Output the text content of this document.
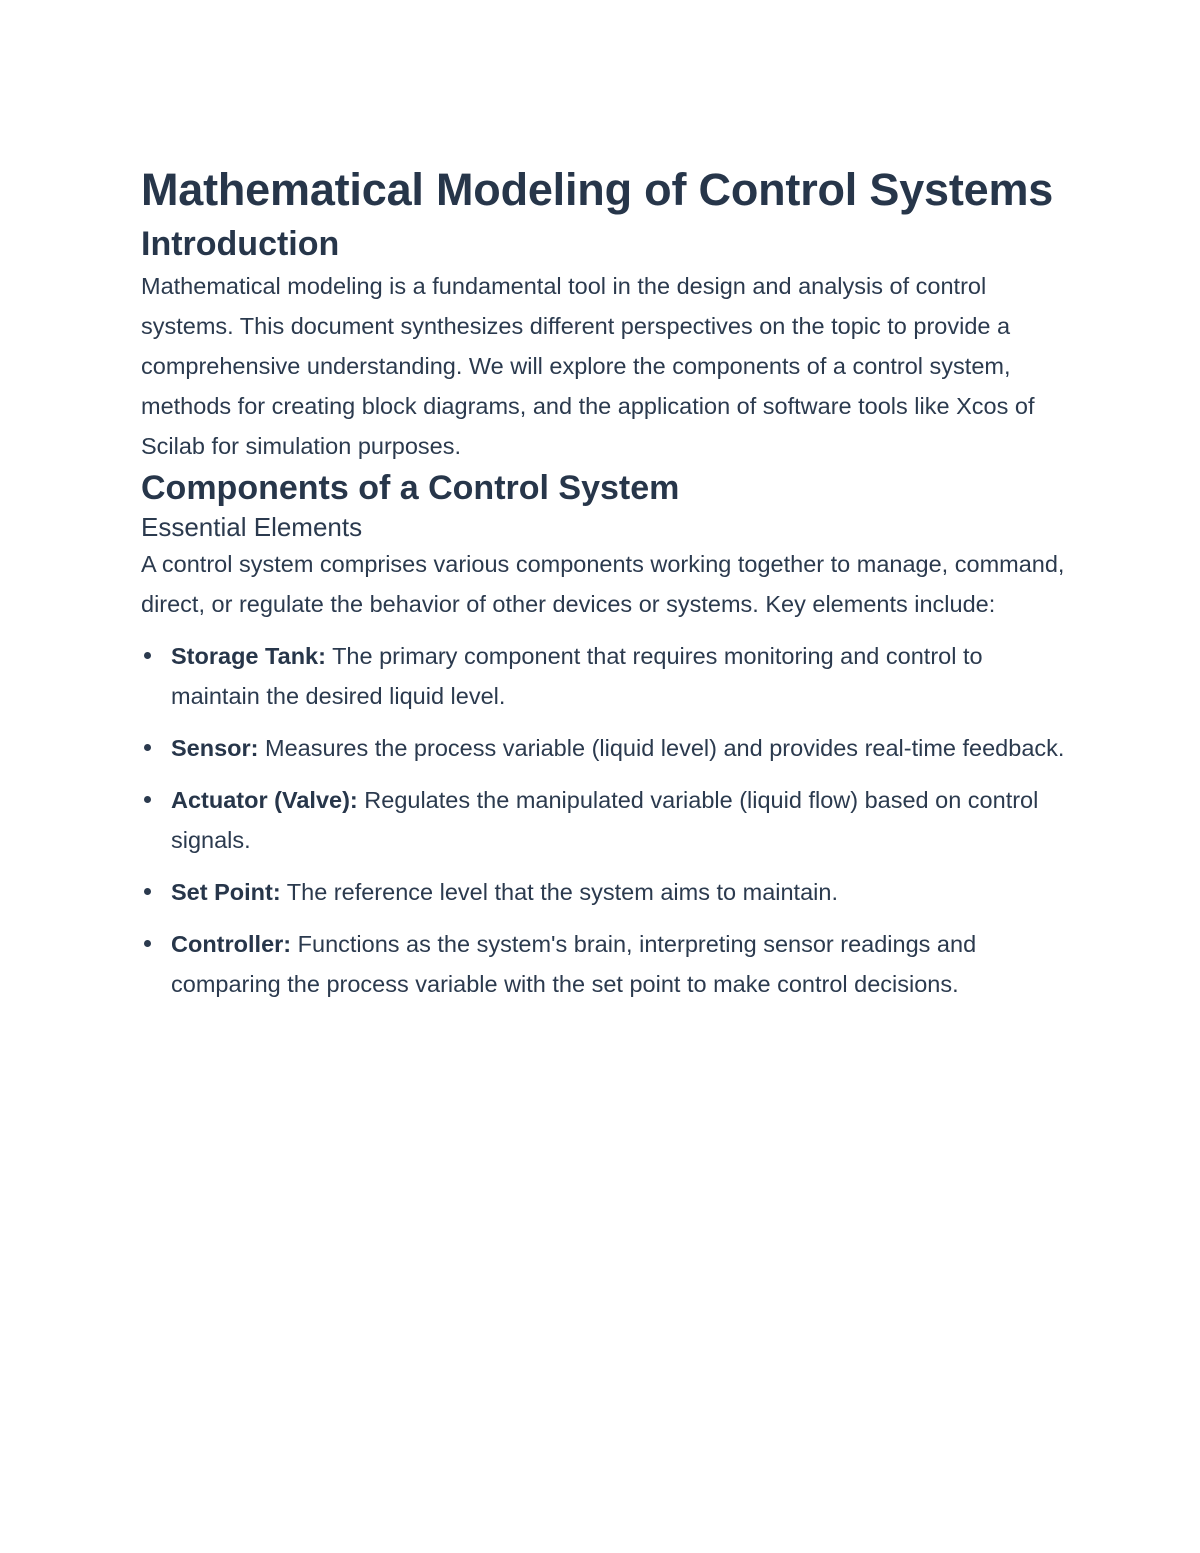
Mathematical Modeling of Control Systems
Introduction

Mathematical modeling is a fundamental tool in the design and analysis of control systems. This document synthesizes different perspectives on the topic to provide a comprehensive understanding. We will explore the components of a control system, methods for creating block diagrams, and the application of software tools like Xcos of Scilab for simulation purposes.

Components of a Control System
Essential Elements

A control system comprises various components working together to manage, command, direct, or regulate the behavior of other devices or systems. Key elements include:

Storage Tank: The primary component that requires monitoring and control to maintain the desired liquid level.
Sensor: Measures the process variable (liquid level) and provides real-time feedback.
Actuator (Valve): Regulates the manipulated variable (liquid flow) based on control signals.
Set Point: The reference level that the system aims to maintain.
Controller: Functions as the system's brain, interpreting sensor readings and comparing the process variable with the set point to make control decisions.
